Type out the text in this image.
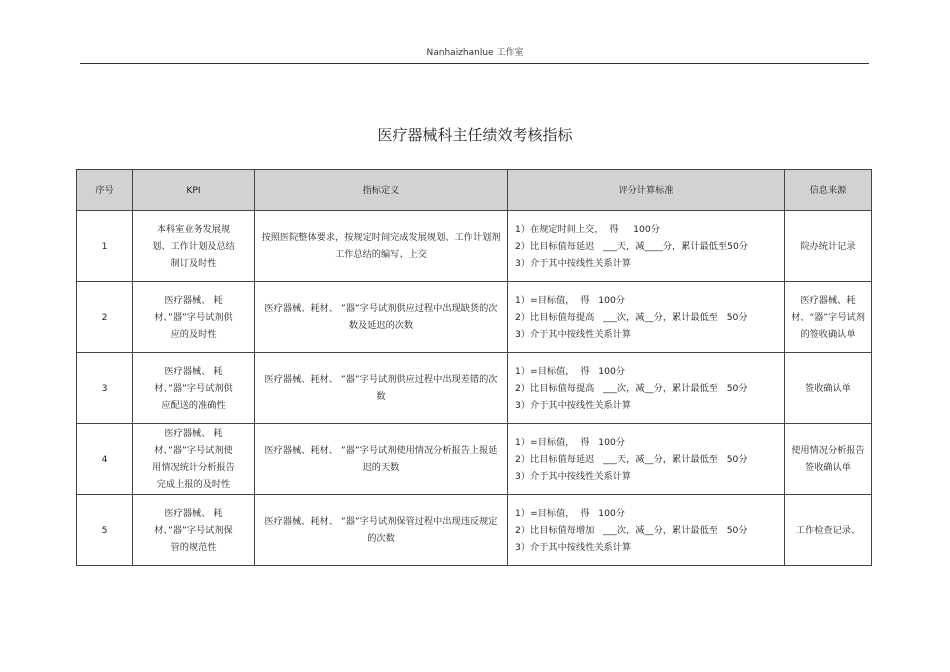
Nanhaizhanlue 工作室
医疗器械科主任绩效考核指标
序号	KPI	指标定义	评分计算标准	信息来源
1	本科室业务发展规划、工作计划及总结制订及时性	按照医院整体要求，按规定时间完成发展规划、工作计划剂工作总结的编写、上交	1）在规定时间上交，  得     100分
2）比目标值每延迟   ___天，减____分，累计最低至50分
3）介于其中按线性关系计算	院办统计记录
2	医疗器械、 耗材、”器”字号试剂供应的及时性	医疗器械、耗材、 ”器”字号试剂供应过程中出现缺货的次数及延迟的次数	1）=目标值，  得   100分
2）比目标值每提高   ___次，减__分，累计最低至   50分
3）介于其中按线性关系计算	医疗器械、耗材、“器”字号试剂的签收确认单
3	医疗器械、 耗材、”器”字号试剂供应配送的准确性	医疗器械、耗材、 ”器”字号试剂供应过程中出现差错的次数	1）=目标值，  得   100分
2）比目标值每提高   ___次，减__分，累计最低至   50分
3）介于其中按线性关系计算	签收确认单
4	医疗器械、 耗材、”器”字号试剂使用情况统计分析报告完成上报的及时性	医疗器械、耗材、 ”器”字号试剂使用情况分析报告上报延迟的天数	1）=目标值，  得   100分
2）比目标值每延迟   ___天，减__分，累计最低至   50分
3）介于其中按线性关系计算	使用情况分析报告签收确认单
5	医疗器械、 耗材、”器”字号试剂保管的规范性	医疗器械、耗材、 ”器”字号试剂保管过程中出现违反规定的次数	1）=目标值，  得   100分
2）比目标值每增加   ___次，减__分，累计最低至   50分
3）介于其中按线性关系计算	工作检查记录、
